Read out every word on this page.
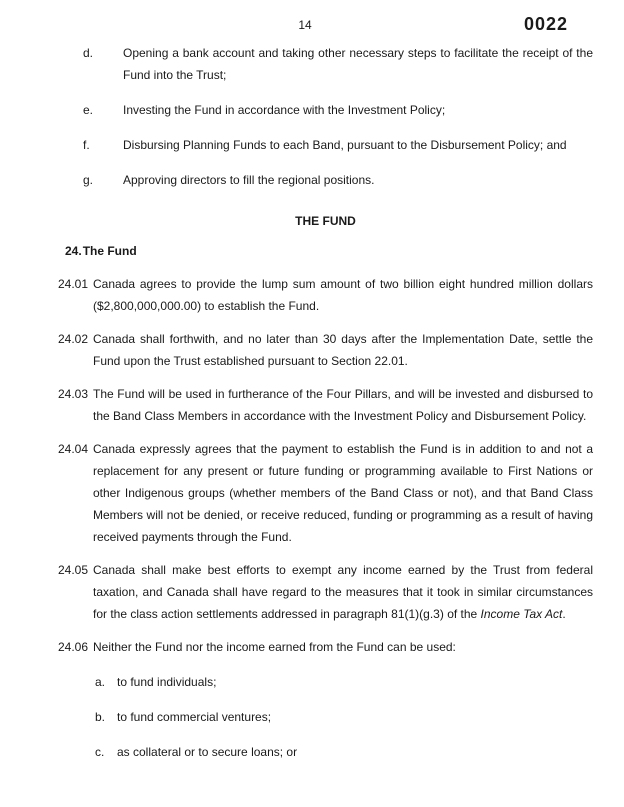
14	0022
d. Opening a bank account and taking other necessary steps to facilitate the receipt of the Fund into the Trust;
e. Investing the Fund in accordance with the Investment Policy;
f.	Disbursing Planning Funds to each Band, pursuant to the Disbursement Policy; and
g. Approving directors to fill the regional positions.
THE FUND
24.The Fund
24.01 Canada agrees to provide the lump sum amount of two billion eight hundred million dollars ($2,800,000,000.00) to establish the Fund.
24.02 Canada shall forthwith, and no later than 30 days after the Implementation Date, settle the Fund upon the Trust established pursuant to Section 22.01.
24.03 The Fund will be used in furtherance of the Four Pillars, and will be invested and disbursed to the Band Class Members in accordance with the Investment Policy and Disbursement Policy.
24.04 Canada expressly agrees that the payment to establish the Fund is in addition to and not a replacement for any present or future funding or programming available to First Nations or other Indigenous groups (whether members of the Band Class or not), and that Band Class Members will not be denied, or receive reduced, funding or programming as a result of having received payments through the Fund.
24.05 Canada shall make best efforts to exempt any income earned by the Trust from federal taxation, and Canada shall have regard to the measures that it took in similar circumstances for the class action settlements addressed in paragraph 81(1)(g.3) of the Income Tax Act.
24.06 Neither the Fund nor the income earned from the Fund can be used:
a. to fund individuals;
b. to fund commercial ventures;
c. as collateral or to secure loans; or
